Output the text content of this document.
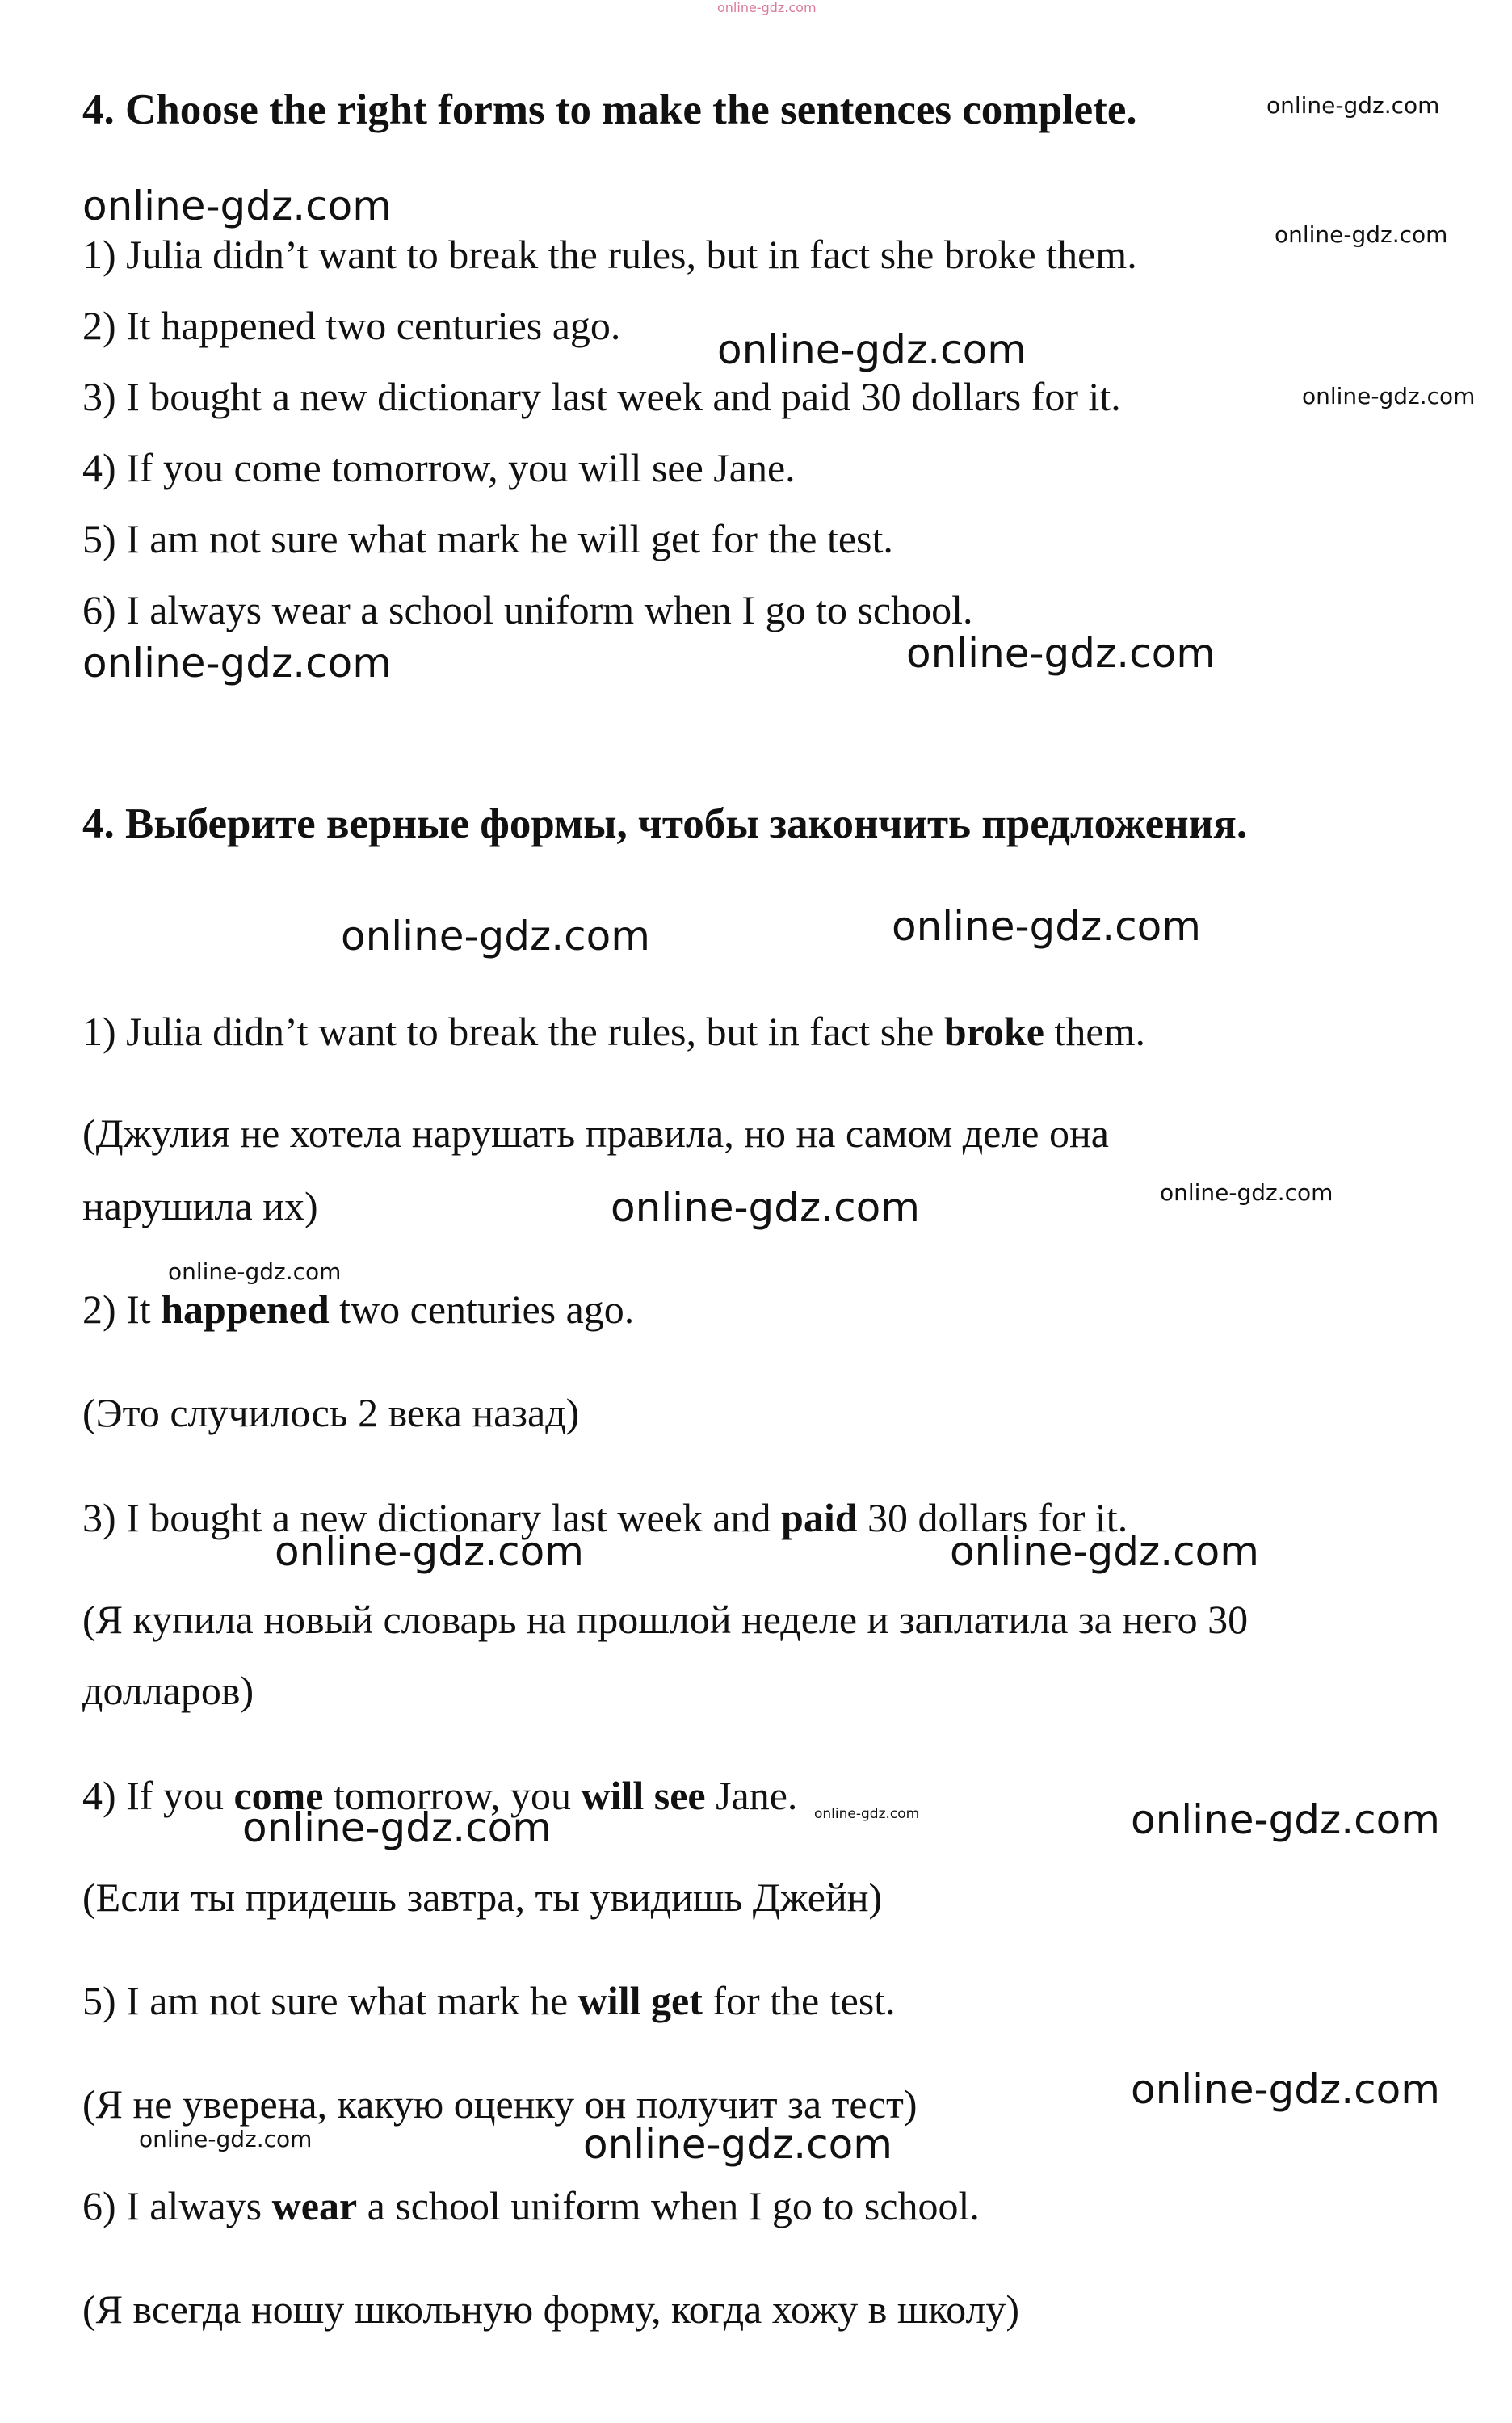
online-gdz.com
4. Choose the right forms to make the sentences complete.	online-gdz.com
online-gdz.com
online-gdz.com
1) Julia didn’t want to break the rules, but in fact she broke them.
2) It happened two centuries ago.
online-gdz.com
3) I bought a new dictionary last week and paid 30 dollars for it.	online-gdz.com
4) If you come tomorrow, you will see Jane.
5) I am not sure what mark he will get for the test.
6) I always wear a school uniform when I go to school.
online-gdz.com
online-gdz.com
4. Выберите верные формы, чтобы закончить предложения.
online-gdz.com
online-gdz.com
1) Julia didn’t want to break the rules, but in fact she broke them.
(Джулия не хотела нарушать правила, но на самом деле она
нарушила их)	online-gdz.com
online-gdz.com
online-gdz.com
2) It happened two centuries ago.
(Это случилось 2 века назад)
3) I bought a new dictionary last week and paid 30 dollars for it.
online-gdz.com	online-gdz.com
(Я купила новый словарь на прошлой неделе и заплатила за него 30
долларов)
4) If you come tomorrow, you will see Jane. online-gdz.com	online-gdz.com
online-gdz.com
(Если ты придешь завтра, ты увидишь Джейн)
5) I am not sure what mark he will get for the test.
(Я не уверена, какую оценку он получит за тест)	online-gdz.com
online-gdz.com	online-gdz.com
6) I always wear a school uniform when I go to school.
(Я всегда ношу школьную форму, когда хожу в школу)
